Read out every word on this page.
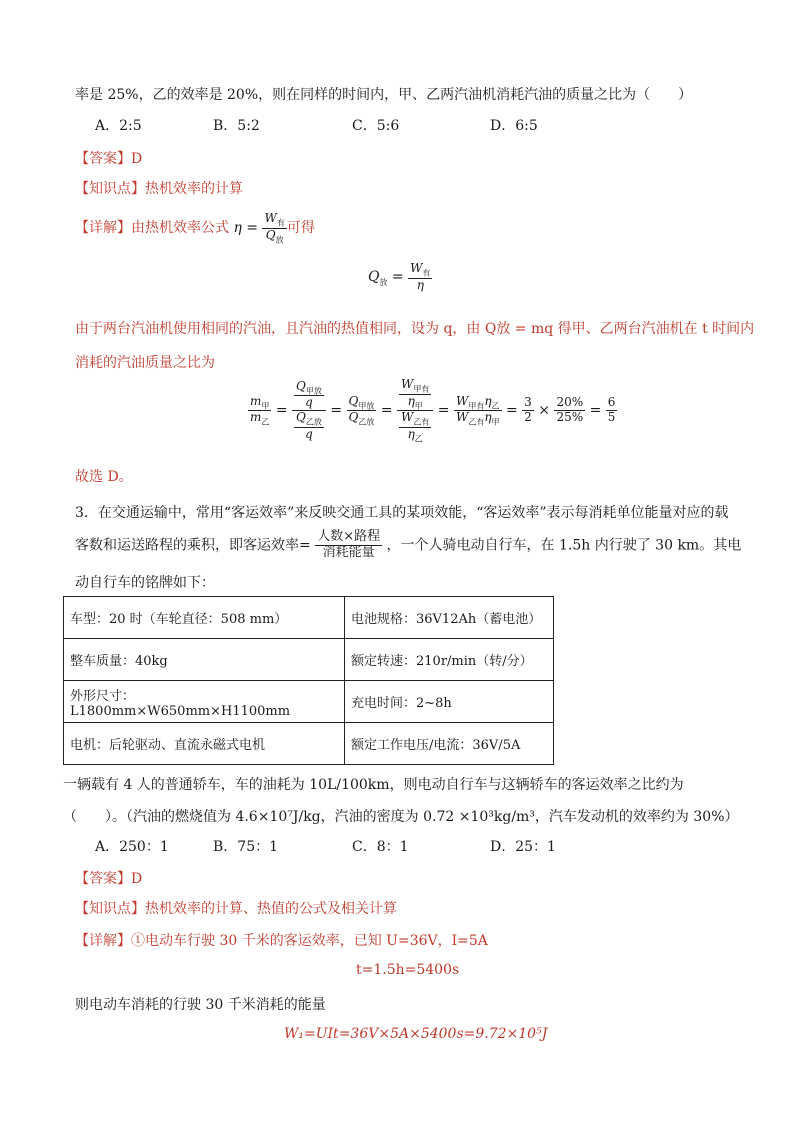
率是 25%，乙的效率是 20%，则在同样的时间内，甲、乙两汽油机消耗汽油的质量之比为（　　）
A．2:5	B．5:2	C．5:6	D．6:5
【答案】D
【知识点】热机效率的计算
【详解】由热机效率公式 $\eta = \frac{W_有}{Q_放}$ 可得
$Q_放 = \frac{W_有}{\eta}$
由于两台汽油机使用相同的汽油，且汽油的热值相同，设为 q，由 Q放 = mq 得甲、乙两台汽油机在 t 时间内
消耗的汽油质量之比为
$\frac{m_甲}{m_乙} = \frac{\frac{Q_{甲放}}{q}}{\frac{Q_{乙放}}{q}} = \frac{Q_{甲放}}{Q_{乙放}} = \frac{\frac{W_{甲有}}{\eta_甲}}{\frac{W_{乙有}}{\eta_乙}} = \frac{W_{甲有}\eta_乙}{W_{乙有}\eta_甲} = \frac{3}{2} \times \frac{20\%}{25\%} = \frac{6}{5}$
故选 D。
3．在交通运输中，常用“客运效率”来反映交通工具的某项效能，“客运效率”表示每消耗单位能量对应的载
客数和运送路程的乘积，即客运效率= $\frac{\text{人数×路程}}{\text{消耗能量}}$ ，一个人骑电动自行车，在 1.5h 内行驶了 30 km。其电
动自行车的铭牌如下：
车型：20 时（车轮直径：508 mm）	电池规格：36V12Ah（蓄电池）
整车质量：40kg	额定转速：210r/min（转/分）
外形尺寸：L1800mm×W650mm×H1100mm	充电时间：2~8h
电机：后轮驱动、直流永磁式电机	额定工作电压/电流：36V/5A
一辆载有 4 人的普通轿车，车的油耗为 10L/100km，则电动自行车与这辆轿车的客运效率之比约为
（　　）。（汽油的燃烧值为 4.6×10⁷J/kg，汽油的密度为 0.72 ×10³kg/m³，汽车发动机的效率约为 30%）
A．250：1	B．75：1	C．8：1	D．25：1
【答案】D
【知识点】热机效率的计算、热值的公式及相关计算
【详解】①电动车行驶 30 千米的客运效率，已知 U=36V，I=5A
t=1.5h=5400s
则电动车消耗的行驶 30 千米消耗的能量
W₁=UIt=36V×5A×5400s=9.72×10⁵J
